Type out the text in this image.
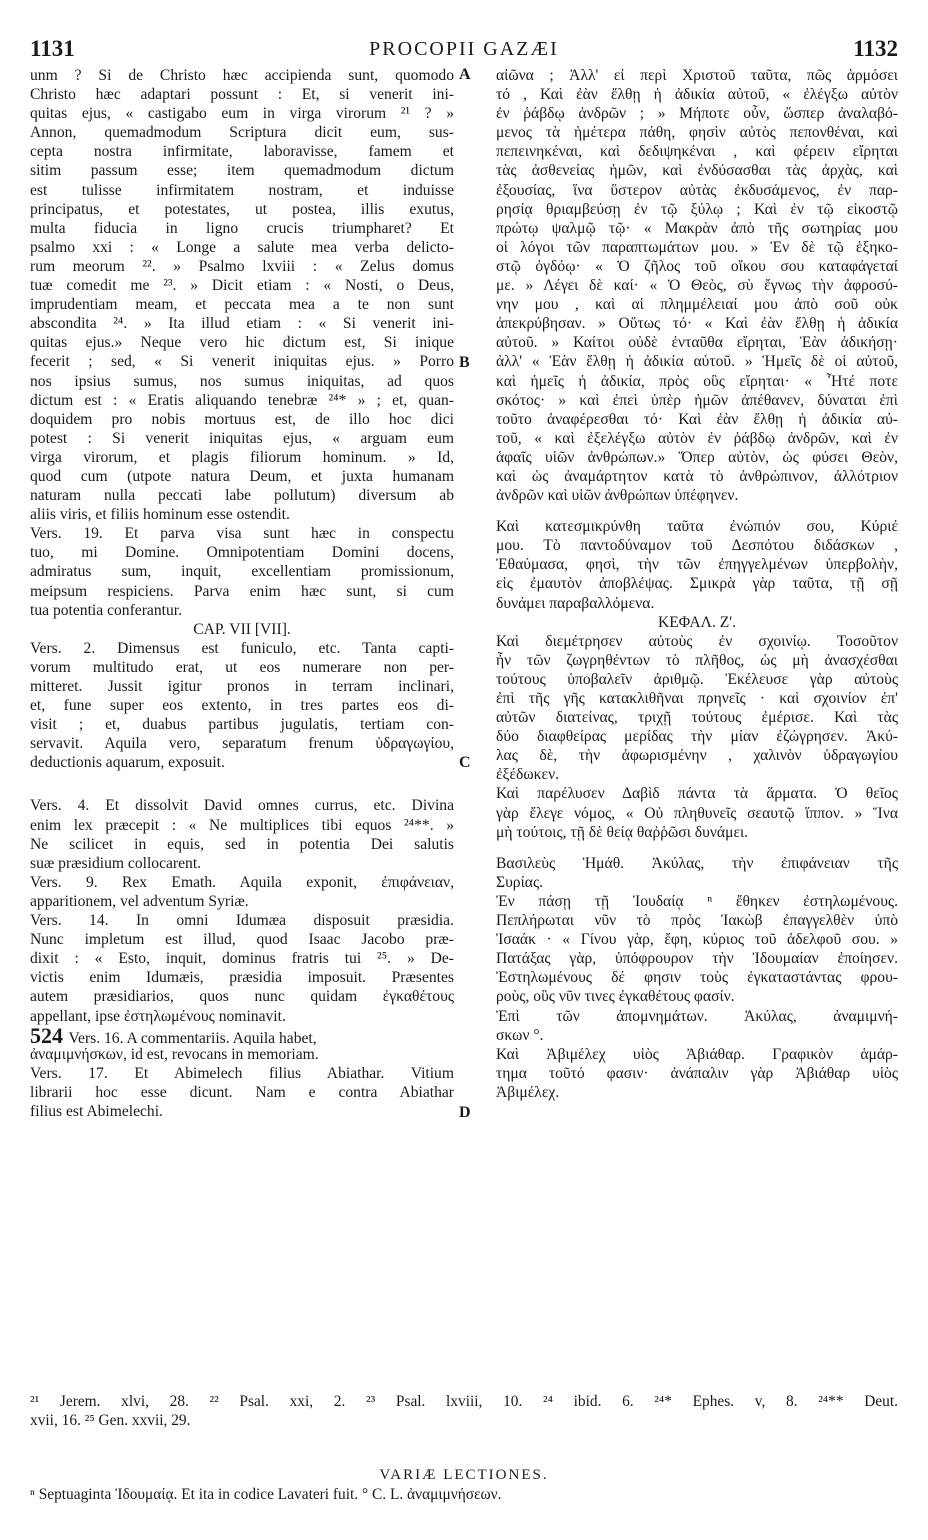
1131	PROCOPII GAZÆI	1132
A
B
C
D
unm ? Si de Christo hæc accipienda sunt, quomodo
Christo hæc adaptari possunt : Et, si venerit ini-
quitas ejus, « castigabo eum in virga virorum ²¹ ? »
Annon, quemadmodum Scriptura dicit eum, sus-
cepta nostra infirmitate, laboravisse, famem et
sitim passum esse; item quemadmodum dictum
est tulisse infirmitatem nostram, et induisse
principatus, et potestates, ut postea, illis exutus,
multa fiducia in ligno crucis triumpharet? Et
psalmo xxi : « Longe a salute mea verba delicto-
rum meorum ²². » Psalmo lxviii : « Zelus domus
tuæ comedit me ²³. » Dicit etiam : « Nosti, o Deus,
imprudentiam meam, et peccata mea a te non sunt
abscondita ²⁴. » Ita illud etiam : « Si venerit ini-
quitas ejus.» Neque vero hic dictum est, Si inique
fecerit ; sed, « Si venerit iniquitas ejus. » Porro
nos ipsius sumus, nos sumus iniquitas, ad quos
dictum est : « Eratis aliquando tenebræ ²⁴* » ; et, quan-
doquidem pro nobis mortuus est, de illo hoc dici
potest : Si venerit iniquitas ejus, « arguam eum
virga virorum, et plagis filiorum hominum. » Id,
quod cum (utpote natura Deum, et juxta humanam
naturam nulla peccati labe pollutum) diversum ab
aliis viris, et filiis hominum esse ostendit.
Vers. 19. Et parva visa sunt hæc in conspectu
tuo, mi Domine. Omnipotentiam Domini docens,
admiratus sum, inquit, excellentiam promissionum,
meipsum respiciens. Parva enim hæc sunt, si cum
tua potentia conferantur.
CAP. VII [VII].
Vers. 2. Dimensus est funiculo, etc. Tanta capti-
vorum multitudo erat, ut eos numerare non per-
mitteret. Jussit igitur pronos in terram inclinari,
et, fune super eos extento, in tres partes eos di-
visit ; et, duabus partibus jugulatis, tertiam con-
servavit. Aquila vero, separatum frenum ὑδραγωγίου,
deductionis aquarum, exposuit.
Vers. 4. Et dissolvit David omnes currus, etc. Divina
enim lex præcepit : « Ne multiplices tibi equos ²⁴**. »
Ne scilicet in equis, sed in potentia Dei salutis
suæ præsidium collocarent.
Vers. 9. Rex Emath. Aquila exponit, ἐπιφάνειαν,
apparitionem, vel adventum Syriæ.
Vers. 14. In omni Idumæa disposuit præsidia.
Nunc impletum est illud, quod Isaac Jacobo præ-
dixit : « Esto, inquit, dominus fratris tui ²⁵. » De-
victis enim Idumæis, præsidia imposuit. Præsentes
autem præsidiarios, quos nunc quidam ἐγκαθέτους
appellant, ipse ἐστηλωμένους nominavit.
524 Vers. 16. A commentariis. Aquila habet,
ἀναμιμνήσκων, id est, revocans in memoriam.
Vers. 17. Et Abimelech filius Abiathar. Vitium
librarii hoc esse dicunt. Nam e contra Abiathar
filius est Abimelechi.
αἰῶνα ; Ἀλλ' εἰ περὶ Χριστοῦ ταῦτα, πῶς ἁρμόσει
τό , Καὶ ἐὰν ἔλθῃ ἡ ἀδικία αὐτοῦ, « ἐλέγξω αὐτὸν
ἐν ῥάβδῳ ἀνδρῶν ; » Μήποτε οὖν, ὥσπερ ἀναλαβό-
μενος τὰ ἡμέτερα πάθη, φησὶν αὐτὸς πεπονθέναι, καὶ
πεπεινηκέναι, καὶ δεδιψηκέναι , καὶ φέρειν εἴρηται
τὰς ἀσθενείας ἡμῶν, καὶ ἐνδύσασθαι τὰς ἀρχὰς, καὶ
ἐξουσίας, ἵνα ὕστερον αὐτὰς ἐκδυσάμενος, ἐν παρ-
ρησίᾳ θριαμβεύσῃ ἐν τῷ ξύλῳ ; Καὶ ἐν τῷ εἰκοστῷ
πρώτῳ ψαλμῷ τῷ· « Μακρὰν ἀπὸ τῆς σωτηρίας μου
οἱ λόγοι τῶν παραπτωμάτων μου. » Ἐν δὲ τῷ ἑξηκο-
στῷ ὀγδόῳ· « Ὁ ζῆλος τοῦ οἴκου σου καταφάγεταί
με. » Λέγει δὲ καί· « Ὁ Θεὸς, σὺ ἔγνως τὴν ἀφροσύ-
νην μου , καὶ αἱ πλημμέλειαί μου ἀπὸ σοῦ οὐκ
ἀπεκρύβησαν. » Οὕτως τό· « Καὶ ἐὰν ἔλθῃ ἡ ἀδικία
αὐτοῦ. » Καίτοι οὐδὲ ἐνταῦθα εἴρηται, Ἐὰν ἀδικήσῃ·
ἀλλ' « Ἐὰν ἔλθῃ ἡ ἀδικία αὐτοῦ. » Ἡμεῖς δὲ οἱ αὐτοῦ,
καὶ ἡμεῖς ἡ ἀδικία, πρὸς οὓς εἴρηται· « Ἦτέ ποτε
σκότος· » καὶ ἐπεὶ ὑπὲρ ἡμῶν ἀπέθανεν, δύναται ἐπὶ
τοῦτο ἀναφέρεσθαι τό· Καὶ ἐὰν ἔλθῃ ἡ ἀδικία αὐ-
τοῦ, « καὶ ἐξελέγξω αὐτὸν ἐν ῥάβδῳ ἀνδρῶν, καὶ ἐν
ἁφαῖς υἱῶν ἀνθρώπων.» Ὅπερ αὐτὸν, ὡς φύσει Θεὸν,
καὶ ὡς ἀναμάρτητον κατὰ τὸ ἀνθρώπινον, ἀλλότριον
ἀνδρῶν καὶ υἱῶν ἀνθρώπων ὑπέφηνεν.
Καὶ κατεσμικρύνθη ταῦτα ἐνώπιόν σου, Κύριέ
μου. Τὸ παντοδύναμον τοῦ Δεσπότου διδάσκων ,
Ἐθαύμασα, φησὶ, τὴν τῶν ἐπηγγελμένων ὑπερβολὴν,
εἰς ἐμαυτὸν ἀποβλέψας. Σμικρὰ γὰρ ταῦτα, τῇ σῇ
δυνάμει παραβαλλόμενα.
ΚΕΦΑΛ. Ζ'.
Καὶ διεμέτρησεν αὐτοὺς ἐν σχοινίῳ. Τοσοῦτον
ἦν τῶν ζωγρηθέντων τὸ πλῆθος, ὡς μὴ ἀνασχέσθαι
τούτους ὑποβαλεῖν ἀριθμῷ. Ἐκέλευσε γὰρ αὐτοὺς
ἐπὶ τῆς γῆς κατακλιθῆναι πρηνεῖς · καὶ σχοινίον ἐπ'
αὐτῶν διατείνας, τριχῇ τούτους ἐμέρισε. Καὶ τὰς
δύο διαφθείρας μερίδας τὴν μίαν ἐζώγρησεν. Ἀκύ-
λας δὲ, τὴν ἀφωρισμένην , χαλινὸν ὑδραγωγίου
ἐξέδωκεν.
Καὶ παρέλυσεν Δαβὶδ πάντα τὰ ἅρματα. Ὁ θεῖος
γὰρ ἔλεγε νόμος, « Οὐ πληθυνεῖς σεαυτῷ ἵππον. » Ἵνα
μὴ τούτοις, τῇ δὲ θείᾳ θαῤῥῶσι δυνάμει.
Βασιλεὺς Ἡμάθ. Ἀκύλας, τὴν ἐπιφάνειαν τῆς
Συρίας.
Ἐν πάσῃ τῇ Ἰουδαίᾳ ⁿ ἔθηκεν ἐστηλωμένους.
Πεπλήρωται νῦν τὸ πρὸς Ἰακὼβ ἐπαγγελθὲν ὑπὸ
Ἰσαάκ · « Γίνου γὰρ, ἔφη, κύριος τοῦ ἀδελφοῦ σου. »
Πατάξας γὰρ, ὑπόφρουρον τὴν Ἰδουμαίαν ἐποίησεν.
Ἐστηλωμένους δέ φησιν τοὺς ἐγκαταστάντας φρου-
ροὺς, οὓς νῦν τινες ἐγκαθέτους φασίν.
Ἐπὶ τῶν ἀπομνημάτων. Ἀκύλας, ἀναμιμνή-
σκων °.
Καὶ Ἀβιμέλεχ υἱὸς Ἀβιάθαρ. Γραφικὸν ἁμάρ-
τημα τοῦτό φασιν· ἀνάπαλιν γὰρ Ἀβιάθαρ υἱὸς
Ἀβιμέλεχ.
²¹ Jerem. xlvi, 28. ²² Psal. xxi, 2. ²³ Psal. lxviii, 10. ²⁴ ibid. 6. ²⁴* Ephes. v, 8. ²⁴** Deut.
xvii, 16. ²⁵ Gen. xxvii, 29.
VARIÆ LECTIONES.
ⁿ Septuaginta Ἰδουμαίᾳ. Et ita in codice Lavateri fuit. ° C. L. ἀναμιμνήσεων.
